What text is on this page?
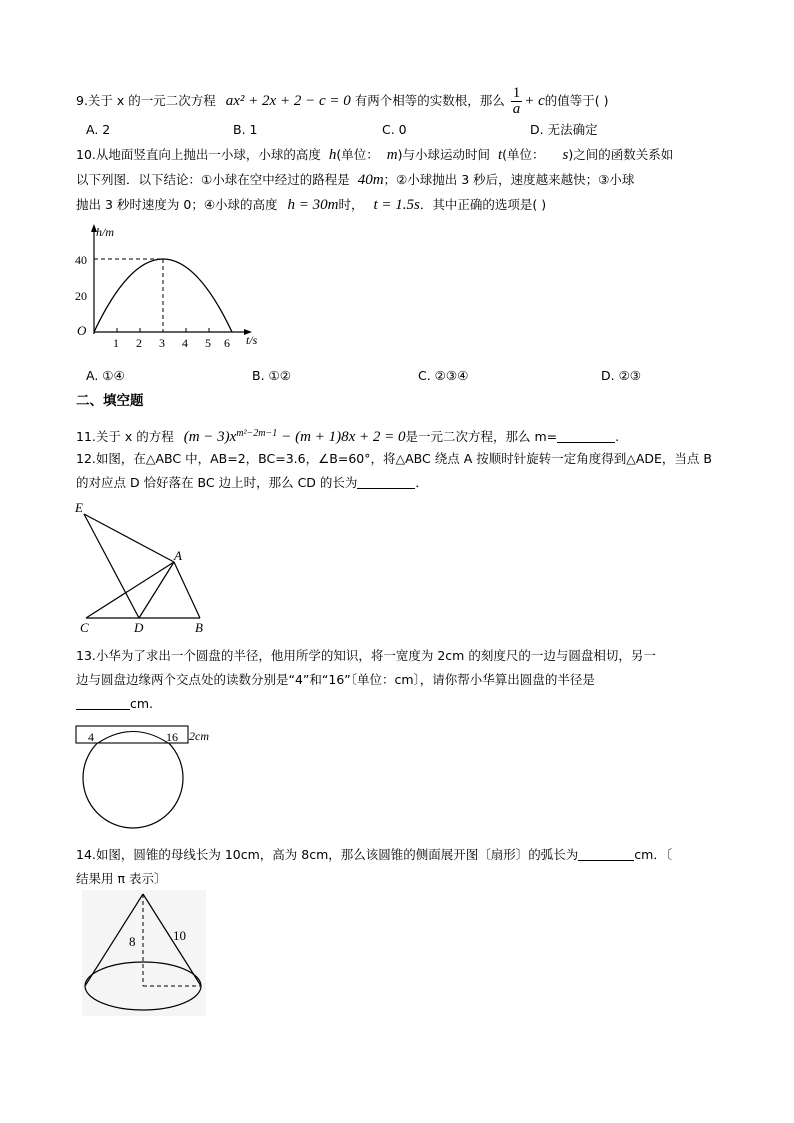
9.关于 x 的一元二次方程 ax² + 2x + 2 − c = 0 有两个相等的实数根，那么 $\frac{1}{a} + c$的值等于( )
A. 2	B. 1	C. 0	D. 无法确定
10.从地面竖直向上抛出一小球，小球的高度 h(单位： m)与小球运动时间 t(单位： s)之间的函数关系如
以下列图．以下结论：①小球在空中经过的路程是 40m；②小球抛出 3 秒后，速度越来越快；③小球
抛出 3 秒时速度为 0；④小球的高度 h = 30m时， t = 1.5s．其中正确的选项是( )
h/m
t/s
O
40
20
1 2 3 4 5 6
A. ①④	B. ①②	C. ②③④	D. ②③
二、填空题
11.关于 x 的方程 $(m - 3)x^{m^2-2m-1} - (m + 1)8x + 2 = 0$是一元二次方程，那么 m=	.
12.如图，在△ABC 中，AB=2，BC=3.6，∠B=60°，将△ABC 绕点 A 按顺时针旋转一定角度得到△ADE，当点 B
的对应点 D 恰好落在 BC 边上时，那么 CD 的长为	．
E
A
C	D	B
13.小华为了求出一个圆盘的半径，他用所学的知识，将一宽度为 2cm 的刻度尺的一边与圆盘相切，另一
边与圆盘边缘两个交点处的读数分别是“4”和“16”〔单位：cm〕，请你帮小华算出圆盘的半径是
cm.
4	16 2cm
14.如图，圆锥的母线长为 10cm，高为 8cm，那么该圆锥的侧面展开图〔扇形〕的弧长为	cm．〔
结果用 π 表示〕
8	10
